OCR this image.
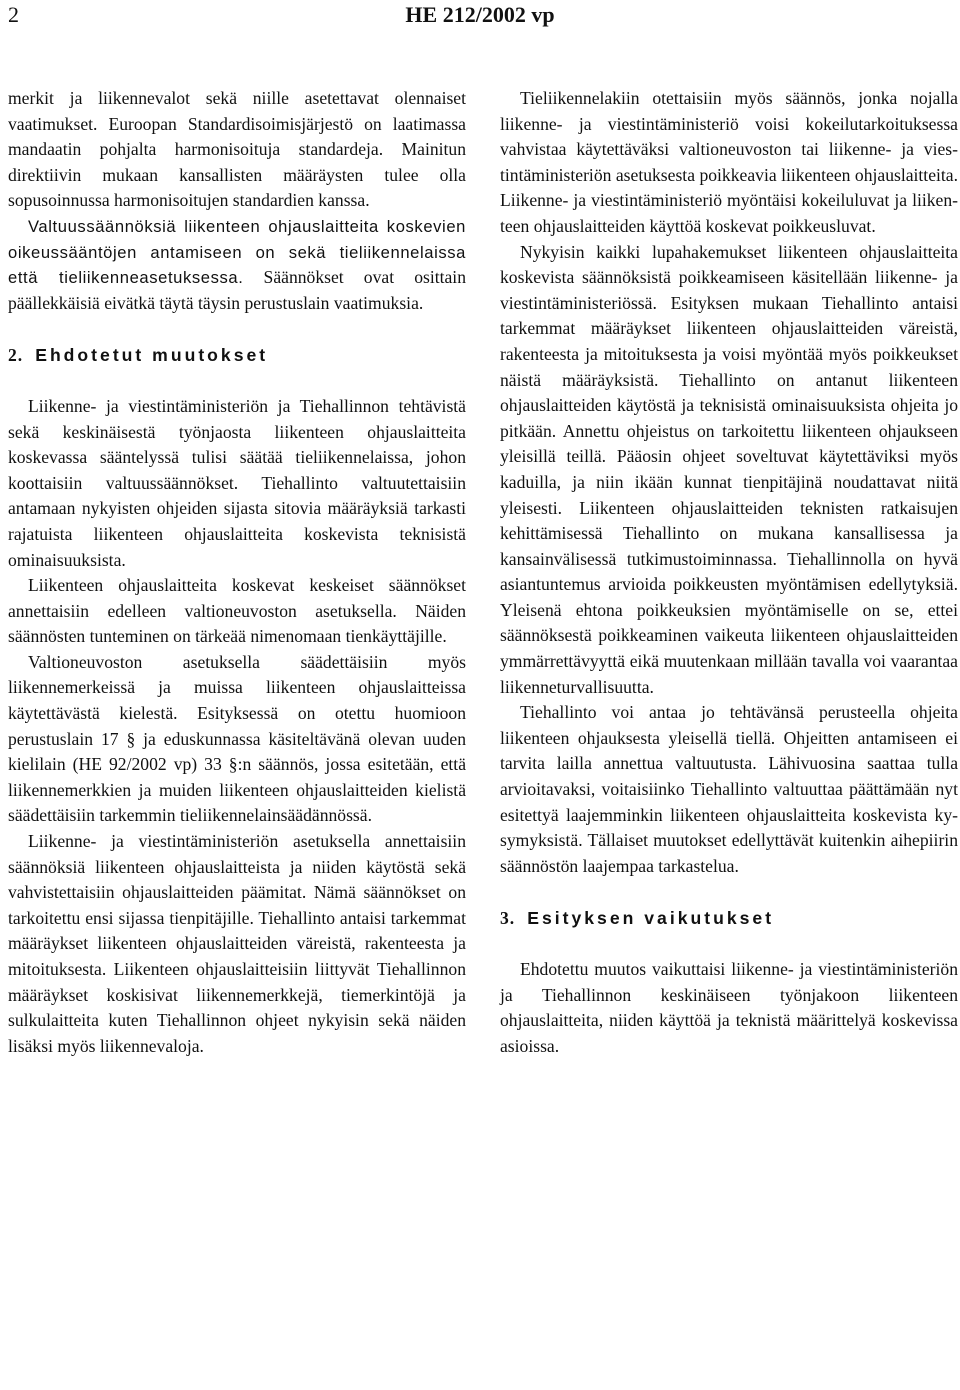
2	HE 212/2002 vp

merkit ja liikennevalot sekä niille asetettavat olennaiset vaatimukset. Euroopan Standardisoimisjärjestö on laatimassa mandaatin pohjalta harmonisoituja standardeja. Mainitun direktiivin mukaan kansallisten määräysten tulee olla sopusoinnussa harmonisoitujen standardien kanssa.

Valtuussäännöksiä liikenteen ohjauslaitteita koskevien oikeussääntöjen antamiseen on sekä tieliikennelaissa että tieliikenneasetuksessa. Säännökset ovat osittain päällekkäisiä eivätkä täytä täysin perustuslain vaatimuksia.

2. Ehdotetut muutokset

Liikenne- ja viestintäministeriön ja Tiehallinnon tehtävistä sekä keskinäisestä työnjaosta liikenteen ohjauslaitteita koskevassa sääntelyssä tulisi säätää tieliikennelaissa, johon koottaisiin valtuussäännökset. Tiehallinto valtuutettaisiin antamaan nykyisten ohjeiden sijasta sitovia määräyksiä tarkasti rajatuista liikenteen ohjauslaitteita koskevista teknisistä ominaisuuksista.

Liikenteen ohjauslaitteita koskevat keskeiset säännökset annettaisiin edelleen valtioneuvoston asetuksella. Näiden säännösten tunteminen on tärkeää nimenomaan tienkäyttäjille.

Valtioneuvoston asetuksella säädettäisiin myös liikennemerkeissä ja muissa liikenteen ohjauslaitteissa käytettävästä kielestä. Esityksessä on otettu huomioon perustuslain 17 § ja eduskunnassa käsiteltävänä olevan uuden kielilain (HE 92/2002 vp) 33 §:n säännös, jossa esitetään, että liikennemerkkien ja muiden liikenteen ohjauslaitteiden kielistä säädettäisiin tarkemmin tieliikennelainsäädännössä.

Liikenne- ja viestintäministeriön asetuksella annettaisiin säännöksiä liikenteen ohjauslaitteista ja niiden käytöstä sekä vahvistettaisiin ohjauslaitteiden päämitat. Nämä säännökset on tarkoitettu ensi sijassa tienpitäjille. Tiehallinto antaisi tarkemmat määräykset liikenteen ohjauslaitteiden väreistä, rakenteesta ja mitoituksesta. Liikenteen ohjauslaitteisiin liittyvät Tiehallinnon määräykset koskisivat liikennemerkkejä, tiemerkintöjä ja sulkulaitteita kuten Tiehallinnon ohjeet nykyisin sekä näiden lisäksi myös liikennevaloja.

Tieliikennelakiin otettaisiin myös säännös, jonka nojalla liikenne- ja viestintäministeriö voisi kokeilutarkoituksessa vahvistaa käytettäväksi valtioneuvoston tai liikenne- ja viestintäministeriön asetuksesta poikkeavia liikenteen ohjauslaitteita. Liikenne- ja viestintäministeriö myöntäisi kokeiluluvat ja liikenteen ohjauslaitteiden käyttöä koskevat poikkeusluvat.

Nykyisin kaikki lupahakemukset liikenteen ohjauslaitteita koskevista säännöksistä poikkeamiseen käsitellään liikenne- ja viestintäministeriössä. Esityksen mukaan Tiehallinto antaisi tarkemmat määräykset liikenteen ohjauslaitteiden väreistä, rakenteesta ja mitoituksesta ja voisi myöntää myös poikkeukset näistä määräyksistä. Tiehallinto on antanut liikenteen ohjauslaitteiden käytöstä ja teknisistä ominaisuuksista ohjeita jo pitkään. Annettu ohjeistus on tarkoitettu liikenteen ohjaukseen yleisillä teillä. Pääosin ohjeet soveltuvat käytettäviksi myös kaduilla, ja niin ikään kunnat tienpitäjinä noudattavat niitä yleisesti. Liikenteen ohjauslaitteiden teknisten ratkaisujen kehittämisessä Tiehallinto on mukana kansallisessa ja kansainvälisessä tutkimustoiminnassa. Tiehallinnolla on hyvä asiantuntemus arvioida poikkeusten myöntämisen edellytyksiä. Yleisenä ehtona poikkeuksien myöntämiselle on se, ettei säännöksestä poikkeaminen vaikeuta liikenteen ohjauslaitteiden ymmärrettävyyttä eikä muutenkaan millään tavalla voi vaarantaa liikenneturvallisuutta.

Tiehallinto voi antaa jo tehtävänsä perusteella ohjeita liikenteen ohjauksesta yleisellä tiellä. Ohjeitten antamiseen ei tarvita lailla annettua valtuutusta. Lähivuosina saattaa tulla arvioitavaksi, voitaisiinko Tiehallinto valtuuttaa päättämään nyt esitettyä laajemminkin liikenteen ohjauslaitteita koskevista kysymyksistä. Tällaiset muutokset edellyttävät kuitenkin aihepiirin säännöstön laajempaa tarkastelua.

3. Esityksen vaikutukset

Ehdotettu muutos vaikuttaisi liikenne- ja viestintäministeriön ja Tiehallinnon keskinäiseen työnjakoon liikenteen ohjauslaitteita, niiden käyttöä ja teknistä määrittelyä koskevissa asioissa.
